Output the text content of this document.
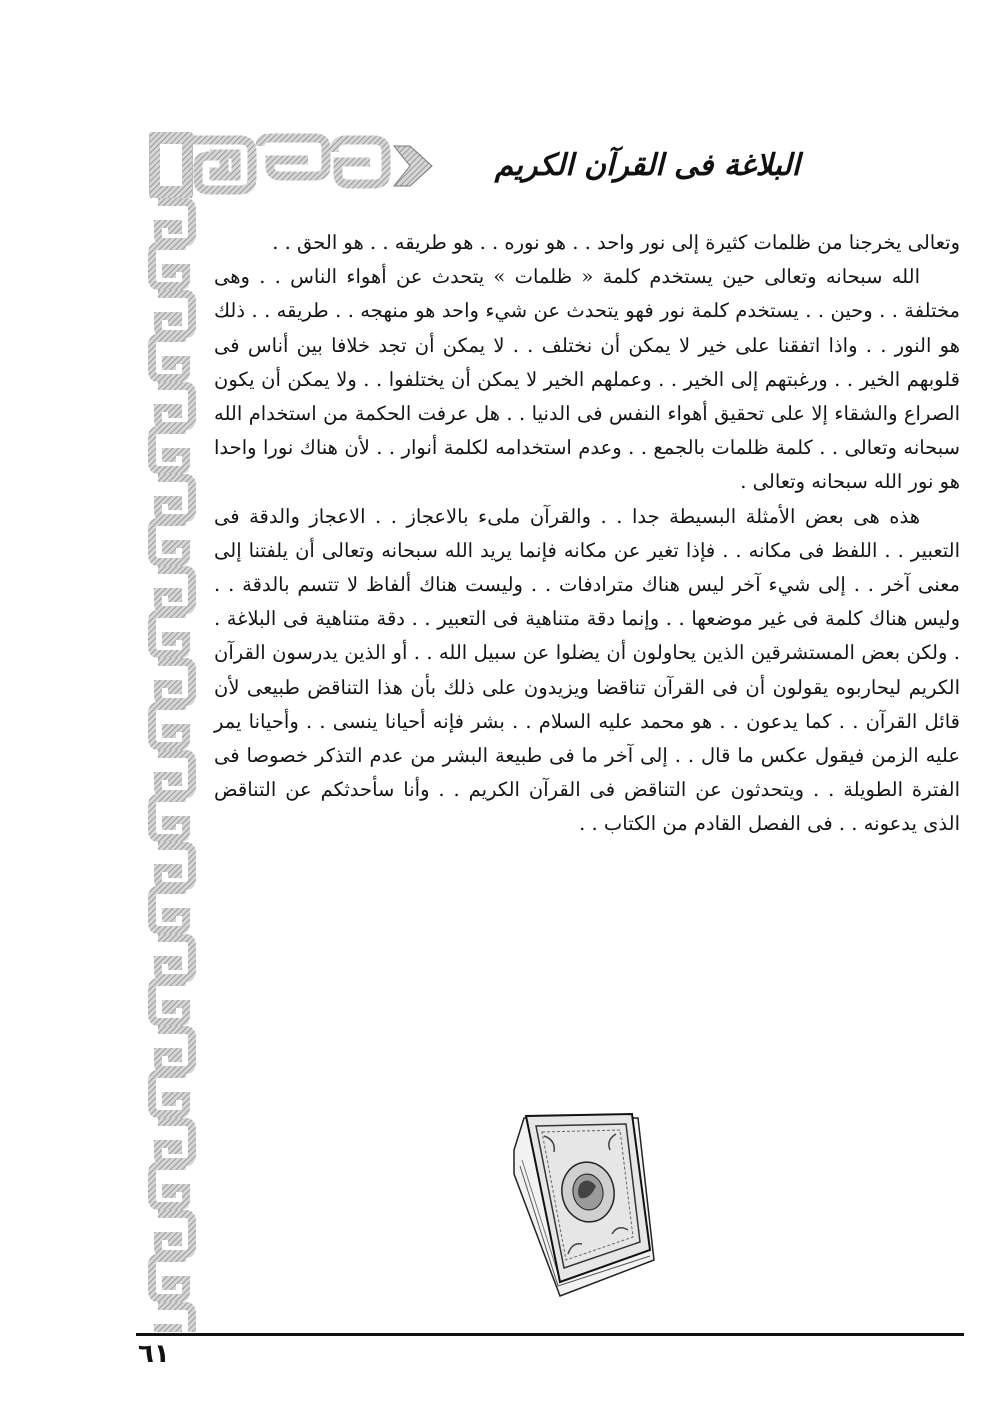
البلاغة فى القرآن الكريم

وتعالى يخرجنا من ظلمات كثيرة إلى نور واحد . . هو نوره . . هو طريقه . . هو الحق . .

الله سبحانه وتعالى حين يستخدم كلمة « ظلمات » يتحدث عن أهواء الناس . . وهى مختلفة . . وحين . . يستخدم كلمة نور فهو يتحدث عن شيء واحد هو منهجه . . طريقه . . ذلك هو النور . . واذا اتفقنا على خير لا يمكن أن نختلف . . لا يمكن أن تجد خلافا بين أناس فى قلوبهم الخير . . ورغبتهم إلى الخير . . وعملهم الخير لا يمكن أن يختلفوا . . ولا يمكن أن يكون الصراع والشقاء إلا على تحقيق أهواء النفس فى الدنيا . . هل عرفت الحكمة من استخدام الله سبحانه وتعالى . . كلمة ظلمات بالجمع . . وعدم استخدامه لكلمة أنوار . . لأن هناك نورا واحدا هو نور الله سبحانه وتعالى .

هذه هى بعض الأمثلة البسيطة جدا . . والقرآن ملىء بالاعجاز . . الاعجاز والدقة فى التعبير . . اللفظ فى مكانه . . فإذا تغير عن مكانه فإنما يريد الله سبحانه وتعالى أن يلفتنا إلى معنى آخر . . إلى شيء آخر ليس هناك مترادفات . . وليست هناك ألفاظ لا تتسم بالدقة . . وليس هناك كلمة فى غير موضعها . . وإنما دقة متناهية فى التعبير . . دقة متناهية فى البلاغة . . ولكن بعض المستشرقين الذين يحاولون أن يضلوا عن سبيل الله . . أو الذين يدرسون القرآن الكريم ليحاربوه يقولون أن فى القرآن تناقضا ويزيدون على ذلك بأن هذا التناقض طبيعى لأن قائل القرآن . . كما يدعون . . هو محمد عليه السلام . . بشر فإنه أحيانا ينسى . . وأحيانا يمر عليه الزمن فيقول عكس ما قال . . إلى آخر ما فى طبيعة البشر من عدم التذكر خصوصا فى الفترة الطويلة . . ويتحدثون عن التناقض فى القرآن الكريم . . وأنا سأحدثكم عن التناقض الذى يدعونه . . فى الفصل القادم من الكتاب . .

٦١
